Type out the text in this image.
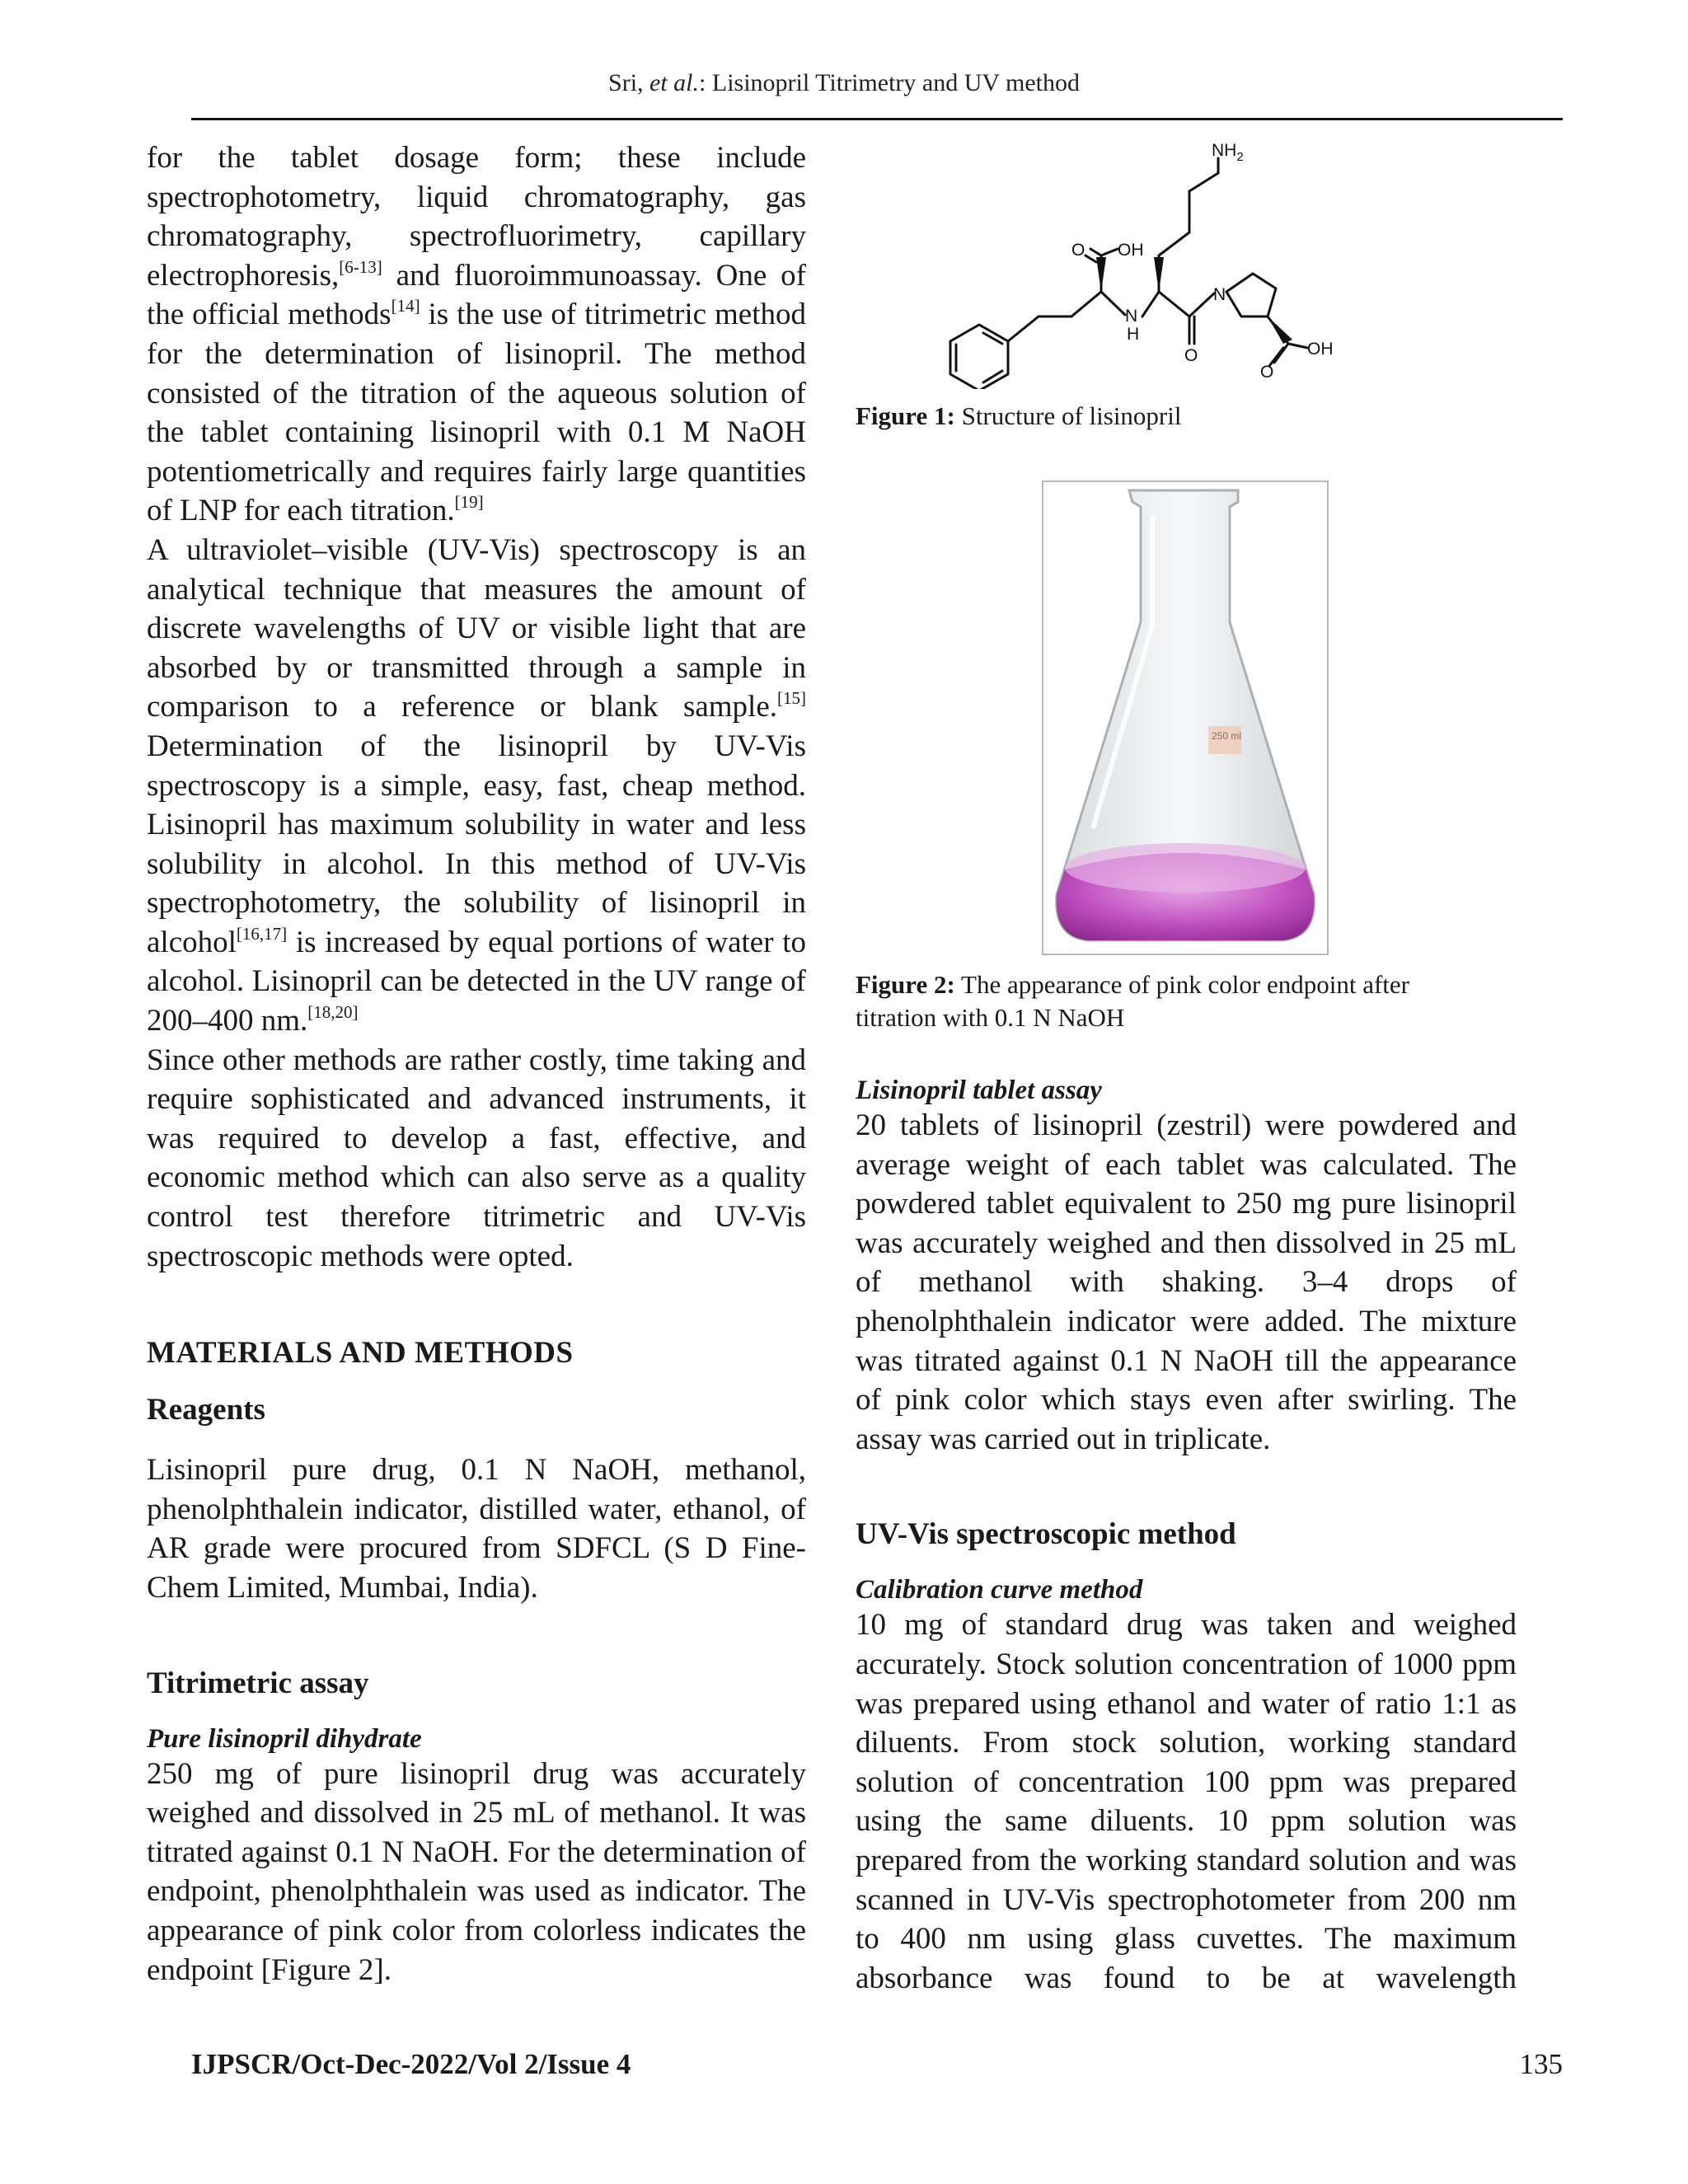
Sri, et al.: Lisinopril Titrimetry and UV method

for the tablet dosage form; these include spectrophotometry, liquid chromatography, gas chromatography, spectrofluorimetry, capillary electrophoresis,[6-13] and fluoroimmunoassay. One of the official methods[14] is the use of titrimetric method for the determination of lisinopril. The method consisted of the titration of the aqueous solution of the tablet containing lisinopril with 0.1 M NaOH potentiometrically and requires fairly large quantities of LNP for each titration.[19]

A ultraviolet–visible (UV-Vis) spectroscopy is an analytical technique that measures the amount of discrete wavelengths of UV or visible light that are absorbed by or transmitted through a sample in comparison to a reference or blank sample.[15] Determination of the lisinopril by UV-Vis spectroscopy is a simple, easy, fast, cheap method. Lisinopril has maximum solubility in water and less solubility in alcohol. In this method of UV-Vis spectrophotometry, the solubility of lisinopril in alcohol[16,17] is increased by equal portions of water to alcohol. Lisinopril can be detected in the UV range of 200–400 nm.[18,20]

Since other methods are rather costly, time taking and require sophisticated and advanced instruments, it was required to develop a fast, effective, and economic method which can also serve as a quality control test therefore titrimetric and UV-Vis spectroscopic methods were opted.

MATERIALS AND METHODS
Reagents

Lisinopril pure drug, 0.1 N NaOH, methanol, phenolphthalein indicator, distilled water, ethanol, of AR grade were procured from SDFCL (S D Fine-Chem Limited, Mumbai, India).

Titrimetric assay
Pure lisinopril dihydrate

250 mg of pure lisinopril drug was accurately weighed and dissolved in 25 mL of methanol. It was titrated against 0.1 N NaOH. For the determination of endpoint, phenolphthalein was used as indicator. The appearance of pink color from colorless indicates the endpoint [Figure 2].

$NH_2$
O OH
N
H
O
N
O
OH

Figure 1: Structure of lisinopril

250 ml

Figure 2: The appearance of pink color endpoint after titration with 0.1 N NaOH

Lisinopril tablet assay

20 tablets of lisinopril (zestril) were powdered and average weight of each tablet was calculated. The powdered tablet equivalent to 250 mg pure lisinopril was accurately weighed and then dissolved in 25 mL of methanol with shaking. 3–4 drops of phenolphthalein indicator were added. The mixture was titrated against 0.1 N NaOH till the appearance of pink color which stays even after swirling. The assay was carried out in triplicate.

UV-Vis spectroscopic method
Calibration curve method

10 mg of standard drug was taken and weighed accurately. Stock solution concentration of 1000 ppm was prepared using ethanol and water of ratio 1:1 as diluents. From stock solution, working standard solution of concentration 100 ppm was prepared using the same diluents. 10 ppm solution was prepared from the working standard solution and was scanned in UV-Vis spectrophotometer from 200 nm to 400 nm using glass cuvettes. The maximum absorbance was found to be at wavelength

IJPSCR/Oct-Dec-2022/Vol 2/Issue 4	135
